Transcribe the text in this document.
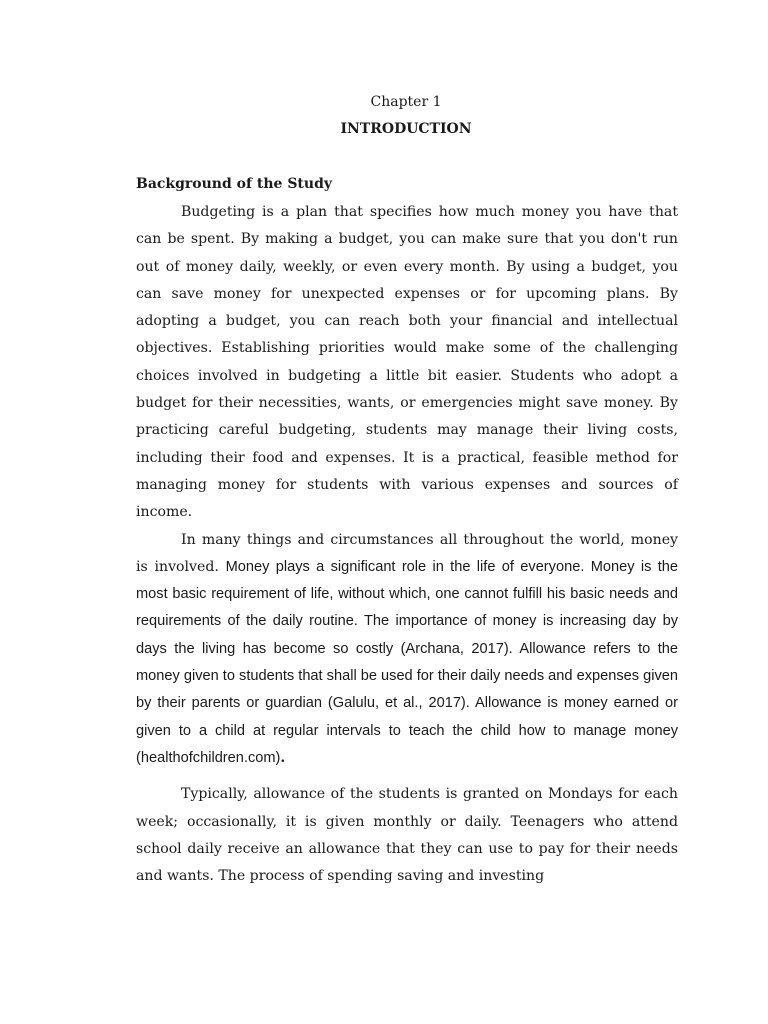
Chapter 1
INTRODUCTION
Background of the Study

Budgeting is a plan that specifies how much money you have that can be spent. By making a budget, you can make sure that you don't run out of money daily, weekly, or even every month. By using a budget, you can save money for unexpected expenses or for upcoming plans. By adopting a budget, you can reach both your financial and intellectual objectives. Establishing priorities would make some of the challenging choices involved in budgeting a little bit easier. Students who adopt a budget for their necessities, wants, or emergencies might save money. By practicing careful budgeting, students may manage their living costs, including their food and expenses. It is a practical, feasible method for managing money for students with various expenses and sources of income.

In many things and circumstances all throughout the world, money is involved. Money plays a significant role in the life of everyone. Money is the most basic requirement of life, without which, one cannot fulfill his basic needs and requirements of the daily routine. The importance of money is increasing day by days the living has become so costly (Archana, 2017). Allowance refers to the money given to students that shall be used for their daily needs and expenses given by their parents or guardian (Galulu, et al., 2017). Allowance is money earned or given to a child at regular intervals to teach the child how to manage money (healthofchildren.com).

Typically, allowance of the students is granted on Mondays for each week; occasionally, it is given monthly or daily. Teenagers who attend school daily receive an allowance that they can use to pay for their needs and wants. The process of spending saving and investing
